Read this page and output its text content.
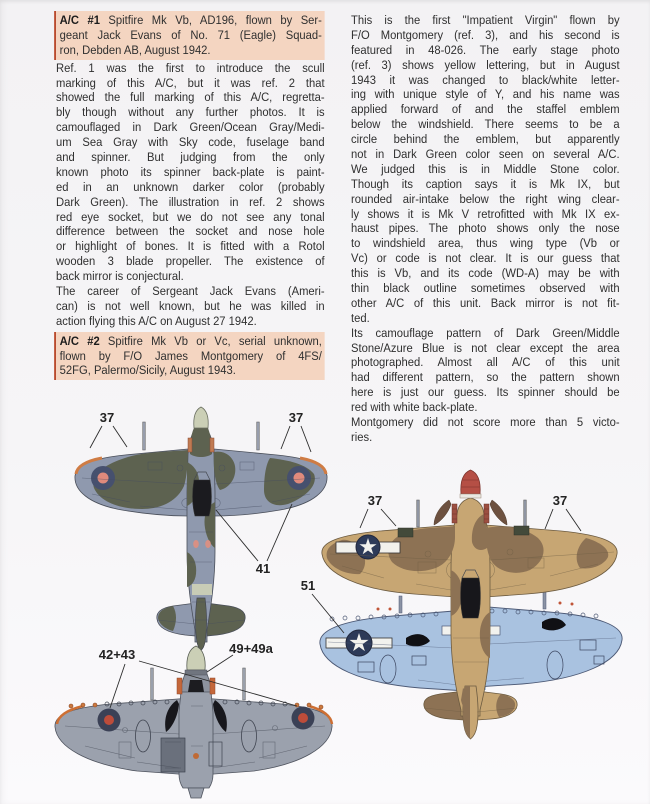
A/C #1 Spitfire Mk Vb, AD196, flown by Ser-
geant Jack Evans of No. 71 (Eagle) Squad-
ron, Debden AB, August 1942.
Ref. 1 was the first to introduce the scull
marking of this A/C, but it was ref. 2 that
showed the full marking of this A/C, regretta-
bly though without any further photos. It is
camouflaged in Dark Green/Ocean Gray/Medi-
um Sea Gray with Sky code, fuselage band
and spinner. But judging from the only
known photo its spinner back-plate is paint-
ed in an unknown darker color (probably
Dark Green). The illustration in ref. 2 shows
red eye socket, but we do not see any tonal
difference between the socket and nose hole
or highlight of bones. It is fitted with a Rotol
wooden 3 blade propeller. The existence of
back mirror is conjectural.
The career of Sergeant Jack Evans (Ameri-
can) is not well known, but he was killed in
action flying this A/C on August 27 1942.
A/C #2 Spitfire Mk Vb or Vc, serial unknown,
flown by F/O James Montgomery of 4FS/
52FG, Palermo/Sicily, August 1943.
This is the first "Impatient Virgin" flown by
F/O Montgomery (ref. 3), and his second is
featured in 48-026. The early stage photo
(ref. 3) shows yellow lettering, but in August
1943 it was changed to black/white letter-
ing with unique style of Y, and his name was
applied forward of and the staffel emblem
below the windshield. There seems to be a
circle behind the emblem, but apparently
not in Dark Green color seen on several A/C.
We judged this is in Middle Stone color.
Though its caption says it is Mk IX, but
rounded air-intake below the right wing clear-
ly shows it is Mk V retrofitted with Mk IX ex-
haust pipes. The photo shows only the nose
to windshield area, thus wing type (Vb or
Vc) or code is not clear. It is our guess that
this is Vb, and its code (WD-A) may be with
thin black outline sometimes observed with
other A/C of this unit. Back mirror is not fit-
ted.
Its camouflage pattern of Dark Green/Middle
Stone/Azure Blue is not clear except the area
photographed. Almost all A/C of this unit
had different pattern, so the pattern shown
here is just our guess. Its spinner should be
red with white back-plate.
Montgomery did not score more than 5 victo-
ries.
37	37
41
37	37
51
42+43	49+49a
